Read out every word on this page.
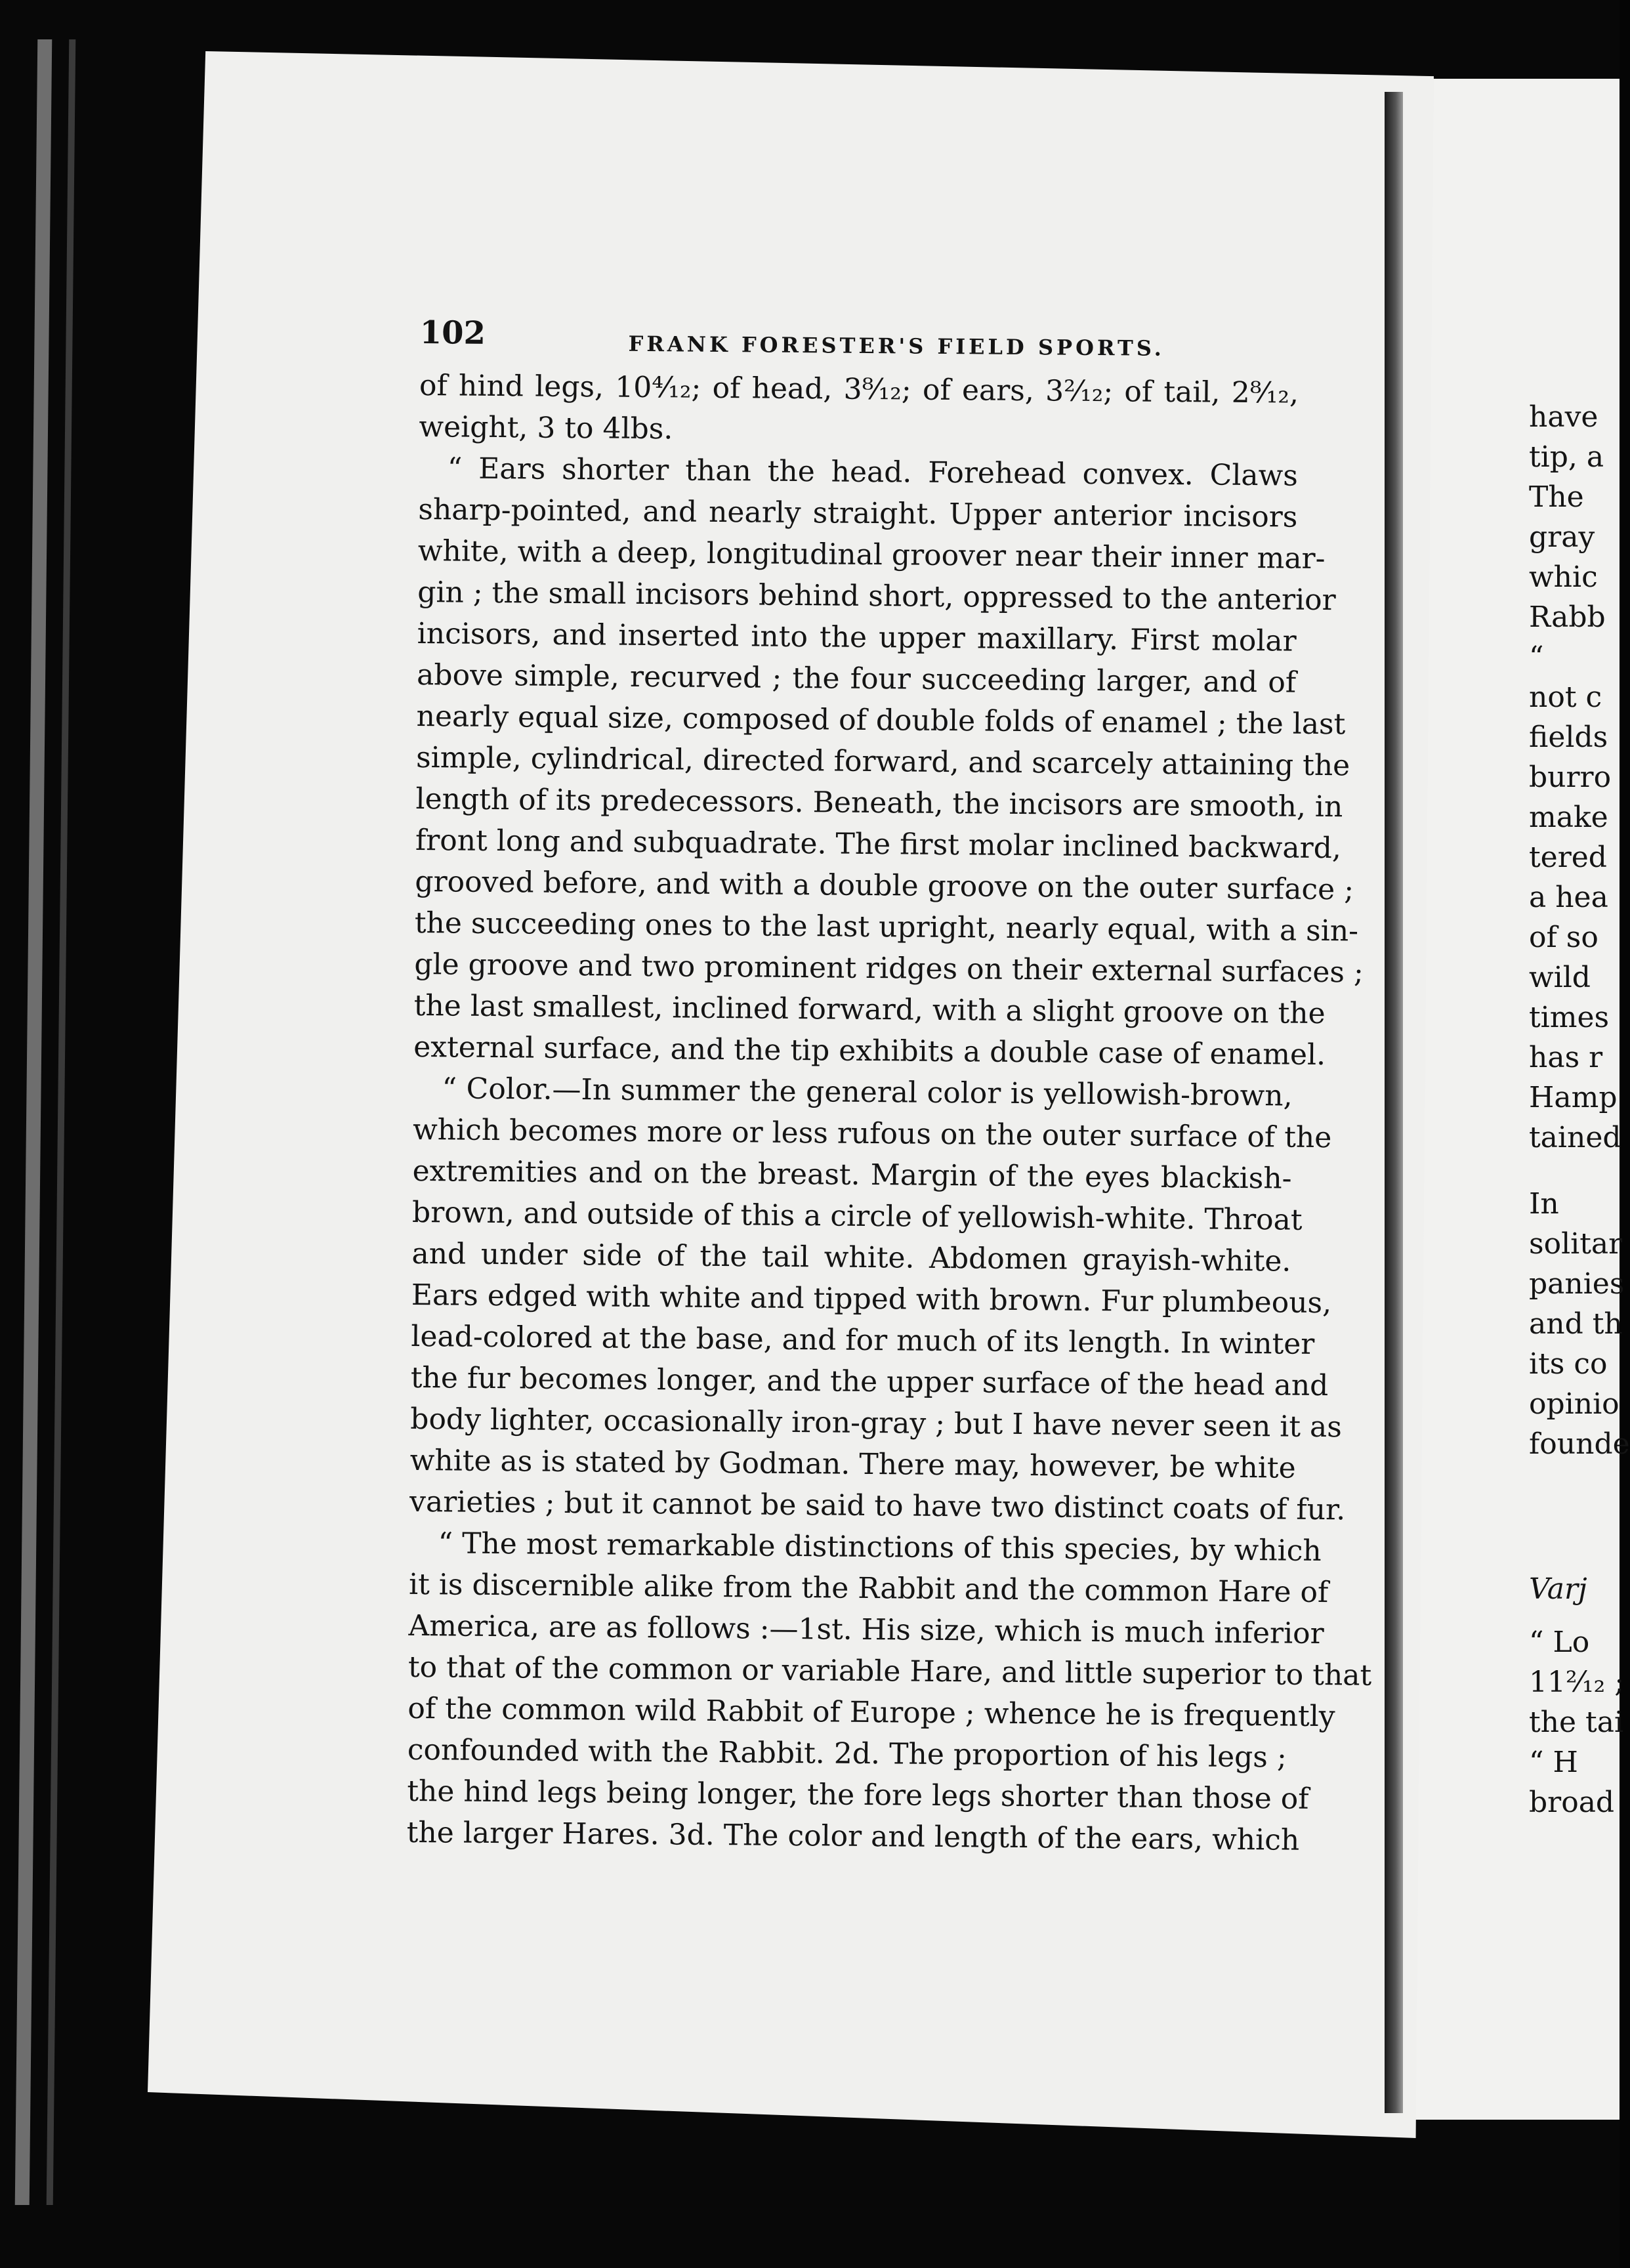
102	FRANK FORESTER'S FIELD SPORTS.
of hind legs, 10⁴⁄₁₂; of head, 3⁸⁄₁₂; of ears, 3²⁄₁₂; of tail, 2⁸⁄₁₂,
weight, 3 to 4lbs.
“ Ears shorter than the head. Forehead convex. Claws
sharp-pointed, and nearly straight. Upper anterior incisors
white, with a deep, longitudinal groover near their inner mar-
gin ; the small incisors behind short, oppressed to the anterior
incisors, and inserted into the upper maxillary. First molar
above simple, recurved ; the four succeeding larger, and of
nearly equal size, composed of double folds of enamel ; the last
simple, cylindrical, directed forward, and scarcely attaining the
length of its predecessors. Beneath, the incisors are smooth, in
front long and subquadrate. The first molar inclined backward,
grooved before, and with a double groove on the outer surface ;
the succeeding ones to the last upright, nearly equal, with a sin-
gle groove and two prominent ridges on their external surfaces ;
the last smallest, inclined forward, with a slight groove on the
external surface, and the tip exhibits a double case of enamel.
“ Color.—In summer the general color is yellowish-brown,
which becomes more or less rufous on the outer surface of the
extremities and on the breast. Margin of the eyes blackish-
brown, and outside of this a circle of yellowish-white. Throat
and under side of the tail white. Abdomen grayish-white.
Ears edged with white and tipped with brown. Fur plumbeous,
lead-colored at the base, and for much of its length. In winter
the fur becomes longer, and the upper surface of the head and
body lighter, occasionally iron-gray ; but I have never seen it as
white as is stated by Godman. There may, however, be white
varieties ; but it cannot be said to have two distinct coats of fur.
“ The most remarkable distinctions of this species, by which
it is discernible alike from the Rabbit and the common Hare of
America, are as follows :—1st. His size, which is much inferior
to that of the common or variable Hare, and little superior to that
of the common wild Rabbit of Europe ; whence he is frequently
confounded with the Rabbit. 2d. The proportion of his legs ;
the hind legs being longer, the fore legs shorter than those of
the larger Hares. 3d. The color and length of the ears, which
have
tip, a
The
gray
whic
Rabb
“
not c
fields
burro
make
tered
a hea
of so
wild
times
has r
Hamp
tained
In
solitar
panies
and th
its co
opinio
founde
Varj
“ Lo
11²⁄₁₂ ;
the tai
“ H
broad
